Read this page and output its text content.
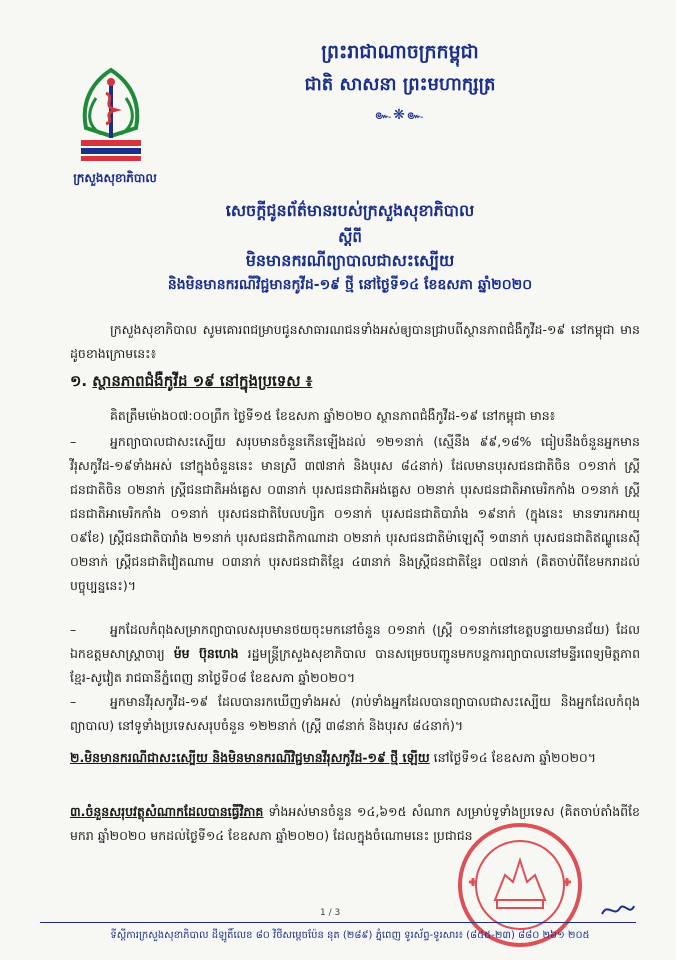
ក្រសួងសុខាភិបាល
ព្រះរាជាណាចក្រកម្ពុជា
ជាតិ សាសនា ព្រះមហាក្សត្រ
๛❋๛
សេចក្តីជូនព័ត៌មានរបស់ក្រសួងសុខាភិបាល
ស្តីពី
មិនមានករណីព្យាបាលជាសះស្បើយ
និងមិនមានករណីវិជ្ជមានកូវីដ-១៩ ថ្មី នៅថ្ងៃទី១៤ ខែឧសភា ឆ្នាំ២០២០
ក្រសួងសុខាភិបាល សូមគោរពជម្រាបជូនសាធារណជនទាំងអស់ឲ្យបានជ្រាបពីស្ថានភាពជំងឺកូវីដ-១៩ នៅកម្ពុជា មានដូចខាងក្រោមនេះ៖
១. ស្ថានភាពជំងឺកូវីដ ១៩ នៅក្នុងប្រទេស ៖
គិតត្រឹមម៉ោង០៧:០០ព្រឹក ថ្ងៃទី១៥ ខែឧសភា ឆ្នាំ២០២០ ស្ថានភាពជំងឺកូវីដ-១៩ នៅកម្ពុជា មាន៖
–	អ្នកព្យាបាលជាសះស្បើយ សរុបមានចំនួនកើនឡើងដល់ ១២១នាក់ (ស្មើនឹង ៩៩,១៨% ធៀបនឹងចំនួនអ្នកមានវីរុសកូវីដ-១៩ទាំងអស់ នៅក្នុងចំនួននេះ មានស្រី ៣៧នាក់ និងបុរស ៨៤នាក់) ដែលមានបុរសជនជាតិចិន ០១នាក់ ស្ត្រីជនជាតិចិន ០២នាក់ ស្ត្រីជនជាតិអង់គ្លេស ០៣នាក់ បុរសជនជាតិអង់គ្លេស ០២នាក់ បុរសជនជាតិអាមេរិកកាំង ០១នាក់ ស្ត្រីជនជាតិអាមេរិកកាំង ០១នាក់ បុរសជនជាតិបែលហ្សិក ០១នាក់ បុរសជនជាតិបារាំង ១៩នាក់ (ក្នុងនេះ មានទារកអាយុ ០៩ខែ) ស្ត្រីជនជាតិបារាំង ២១នាក់ បុរសជនជាតិកាណាដា ០២នាក់ បុរសជនជាតិម៉ាឡេស៊ី ១៣នាក់ បុរសជនជាតិឥណ្ឌូនេស៊ី ០២នាក់ ស្ត្រីជនជាតិវៀតណាម ០៣នាក់ បុរសជនជាតិខ្មែរ ៤៣នាក់ និងស្ត្រីជនជាតិខ្មែរ ០៧នាក់ (គិតចាប់ពីខែមករាដល់បច្ចុប្បន្ននេះ)។
–	អ្នកដែលកំពុងសម្រាកព្យាបាលសរុបមានថយចុះមកនៅចំនួន ០១នាក់ (ស្ត្រី ០១នាក់នៅខេត្តបន្ទាយមានជ័យ) ដែលឯកឧត្តមសាស្ត្រាចារ្យ ម៉ម ប៊ុនហេង រដ្ឋមន្ត្រីក្រសួងសុខាភិបាល បានសម្រេចបញ្ជូនមកបន្តការព្យាបាលនៅមន្ទីរពេទ្យមិត្តភាពខ្មែរ-សូវៀត រាជធានីភ្នំពេញ នាថ្ងៃទី០៨ ខែឧសភា ឆ្នាំ២០២០។
–	អ្នកមានវីរុសកូវីដ-១៩ ដែលបានរកឃើញទាំងអស់ (រាប់ទាំងអ្នកដែលបានព្យាបាលជាសះស្បើយ និងអ្នកដែលកំពុងព្យាបាល) នៅទូទាំងប្រទេសសរុបចំនួន ១២២នាក់ (ស្ត្រី ៣៨នាក់ និងបុរស ៨៤នាក់)។
២.មិនមានករណីជាសះស្បើយ និងមិនមានករណីវិជ្ជមានវីរុសកូវីដ-១៩ ថ្មី ឡើយ នៅថ្ងៃទី១៤ ខែឧសភា ឆ្នាំ២០២០។
៣.ចំនួនសរុបវត្ថុសំណាកដែលបានធ្វើវិភាគ ទាំងអស់មានចំនួន ១៤,៦១៥ សំណាក សម្រាប់ទូទាំងប្រទេស (គិតចាប់តាំងពីខែមករា ឆ្នាំ២០២០ មកដល់ថ្ងៃទី១៤ ខែឧសភា ឆ្នាំ២០២០) ដែលក្នុងចំណោមនេះ ប្រជាជន
1 / 3
ទីស្តីការក្រសួងសុខាភិបាល ដីឡូតិ៍លេខ ៨០ វិថីសម្តេចប៉ែន នុត (២៨៩) ភ្នំពេញ ទូរស័ព្ទ-ទូរសារ៖ (៨៥៥-២៣) ៨៨០ ២៦១ ២០៥
